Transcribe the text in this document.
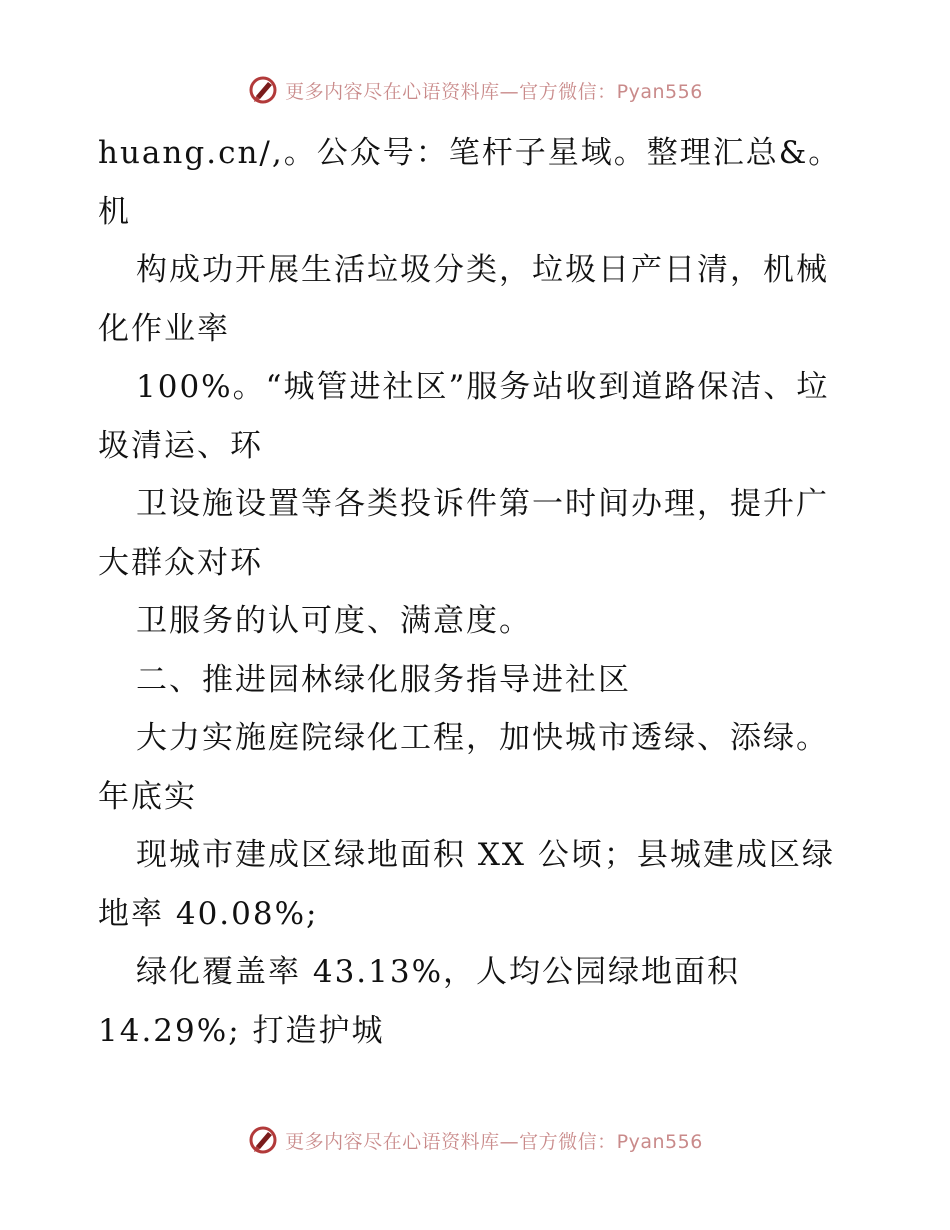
更多内容尽在心语资料库—官方微信：Pyan556
huang.cn/,。公众号：笔杆子星域。整理汇总&。
机
构成功开展生活垃圾分类，垃圾日产日清，机械
化作业率
100%。“城管进社区”服务站收到道路保洁、垃
圾清运、环
卫设施设置等各类投诉件第一时间办理，提升广
大群众对环
卫服务的认可度、满意度。
二、推进园林绿化服务指导进社区
大力实施庭院绿化工程，加快城市透绿、添绿。
年底实
现城市建成区绿地面积 XX 公顷；县城建成区绿
地率 40.08%;
绿化覆盖率 43.13%，人均公园绿地面积
14.29%; 打造护城
更多内容尽在心语资料库—官方微信：Pyan556
